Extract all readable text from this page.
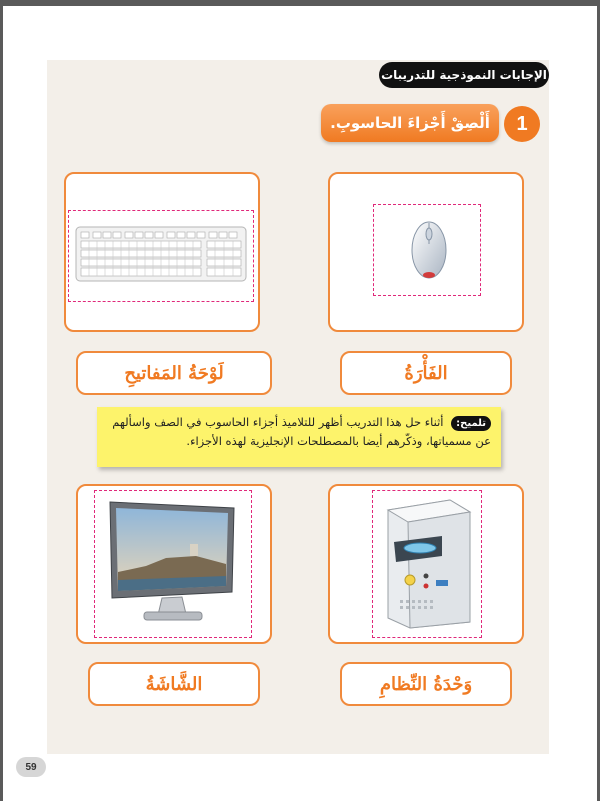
الإجابات النموذجية للتدريبات
1
أَلْصِقْ أَجْزاءَ الحاسوبِ.
لَوْحَةُ المَفاتيحِ	الفَأْرَةُ
تلميح: أثناء حل هذا التدريب أظهر للتلاميذ أجزاء الحاسوب في الصف واسألهم عن مسمياتها، وذكّرهم أيضا بالمصطلحات الإنجليزية لهذه الأجزاء.
الشَّاشَةُ	وَحْدَةُ النِّظامِ
59
